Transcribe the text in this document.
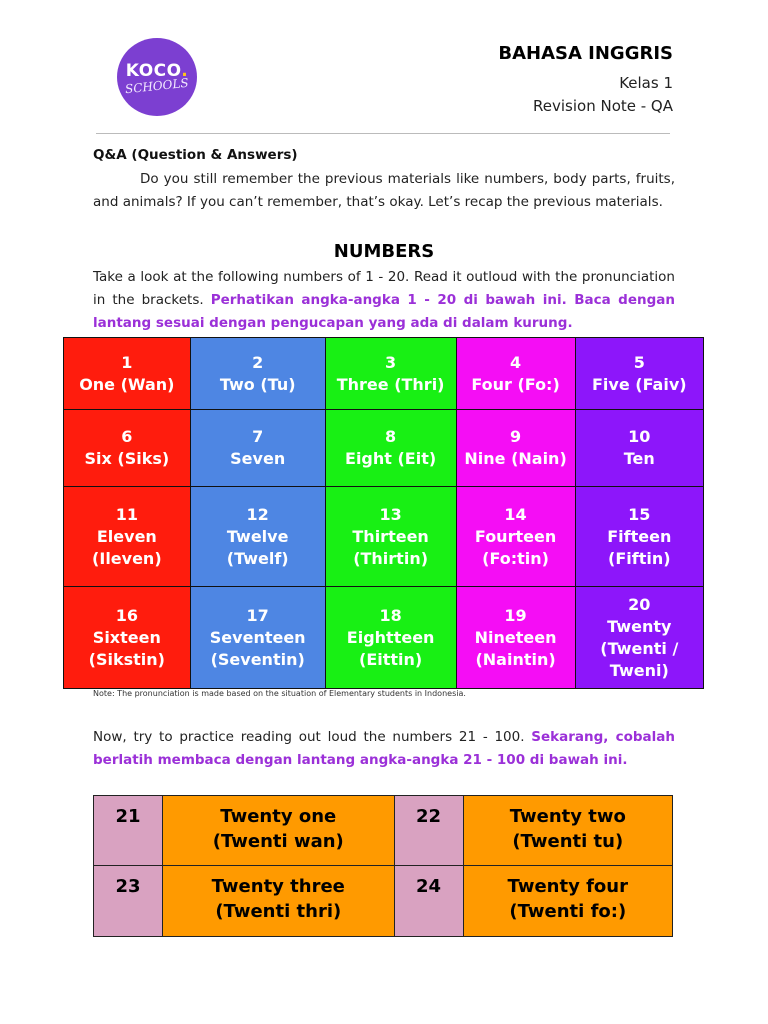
KOCO.
SCHOOLS
BAHASA INGGRIS
Kelas 1
Revision Note - QA
Q&A (Question & Answers)
Do you still remember the previous materials like numbers, body parts, fruits, and animals? If you can’t remember, that’s okay. Let’s recap the previous materials.
NUMBERS
Take a look at the following numbers of 1 - 20. Read it outloud with the pronunciation in the brackets. Perhatikan angka-angka 1 - 20 di bawah ini. Baca dengan lantang sesuai dengan pengucapan yang ada di dalam kurung.
1
One (Wan)	2
Two (Tu)	3
Three (Thri)	4
Four (Fo:)	5
Five (Faiv)

6
Six (Siks)	7
Seven	8
Eight (Eit)	9
Nine (Nain)	10
Ten

11
Eleven
(Ileven)	12
Twelve
(Twelf)	13
Thirteen
(Thirtin)	14
Fourteen
(Fo:tin)	15
Fifteen
(Fiftin)

16
Sixteen
(Sikstin)	17
Seventeen
(Seventin)	18
Eightteen
(Eittin)	19
Nineteen
(Naintin)	20
Twenty
(Twenti /
Tweni)
Note: The pronunciation is made based on the situation of Elementary students in Indonesia.
Now, try to practice reading out loud the numbers 21 - 100. Sekarang, cobalah berlatih membaca dengan lantang angka-angka 21 - 100 di bawah ini.
21	Twenty one
(Twenti wan)	22	Twenty two
(Twenti tu)

23	Twenty three
(Twenti thri)	24	Twenty four
(Twenti fo:)
